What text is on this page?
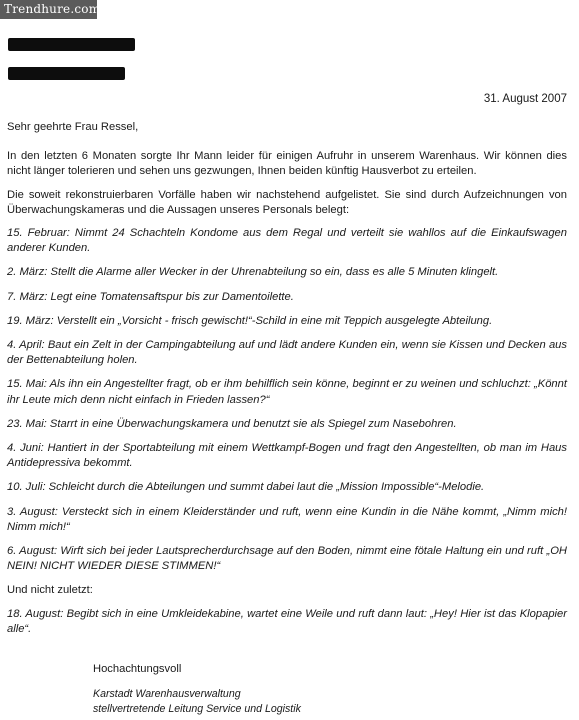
Trendhure.com
31. August 2007

Sehr geehrte Frau Ressel,

In den letzten 6 Monaten sorgte Ihr Mann leider für einigen Aufruhr in unserem Warenhaus. Wir können dies nicht länger tolerieren und sehen uns gezwungen, Ihnen beiden künftig Hausverbot zu erteilen.

Die soweit rekonstruierbaren Vorfälle haben wir nachstehend aufgelistet. Sie sind durch Aufzeichnungen von Überwachungskameras und die Aussagen unseres Personals belegt:

15. Februar: Nimmt 24 Schachteln Kondome aus dem Regal und verteilt sie wahllos auf die Einkaufswagen anderer Kunden.

2. März: Stellt die Alarme aller Wecker in der Uhrenabteilung so ein, dass es alle 5 Minuten klingelt.

7. März: Legt eine Tomatensaftspur bis zur Damentoilette.

19. März: Verstellt ein „Vorsicht - frisch gewischt!“-Schild in eine mit Teppich ausgelegte Abteilung.

4. April: Baut ein Zelt in der Campingabteilung auf und lädt andere Kunden ein, wenn sie Kissen und Decken aus der Bettenabteilung holen.

15. Mai: Als ihn ein Angestellter fragt, ob er ihm behilflich sein könne, beginnt er zu weinen und schluchzt: „Könnt ihr Leute mich denn nicht einfach in Frieden lassen?“

23. Mai: Starrt in eine Überwachungskamera und benutzt sie als Spiegel zum Nasebohren.

4. Juni: Hantiert in der Sportabteilung mit einem Wettkampf-Bogen und fragt den Angestellten, ob man im Haus Antidepressiva bekommt.

10. Juli: Schleicht durch die Abteilungen und summt dabei laut die „Mission Impossible“-Melodie.

3. August: Versteckt sich in einem Kleiderständer und ruft, wenn eine Kundin in die Nähe kommt, „Nimm mich! Nimm mich!“

6. August: Wirft sich bei jeder Lautsprecherdurchsage auf den Boden, nimmt eine fötale Haltung ein und ruft „OH NEIN! NICHT WIEDER DIESE STIMMEN!“

Und nicht zuletzt:

18. August: Begibt sich in eine Umkleidekabine, wartet eine Weile und ruft dann laut: „Hey! Hier ist das Klopapier alle“.

Hochachtungsvoll
Karstadt Warenhausverwaltung
stellvertretende Leitung Service und Logistik
